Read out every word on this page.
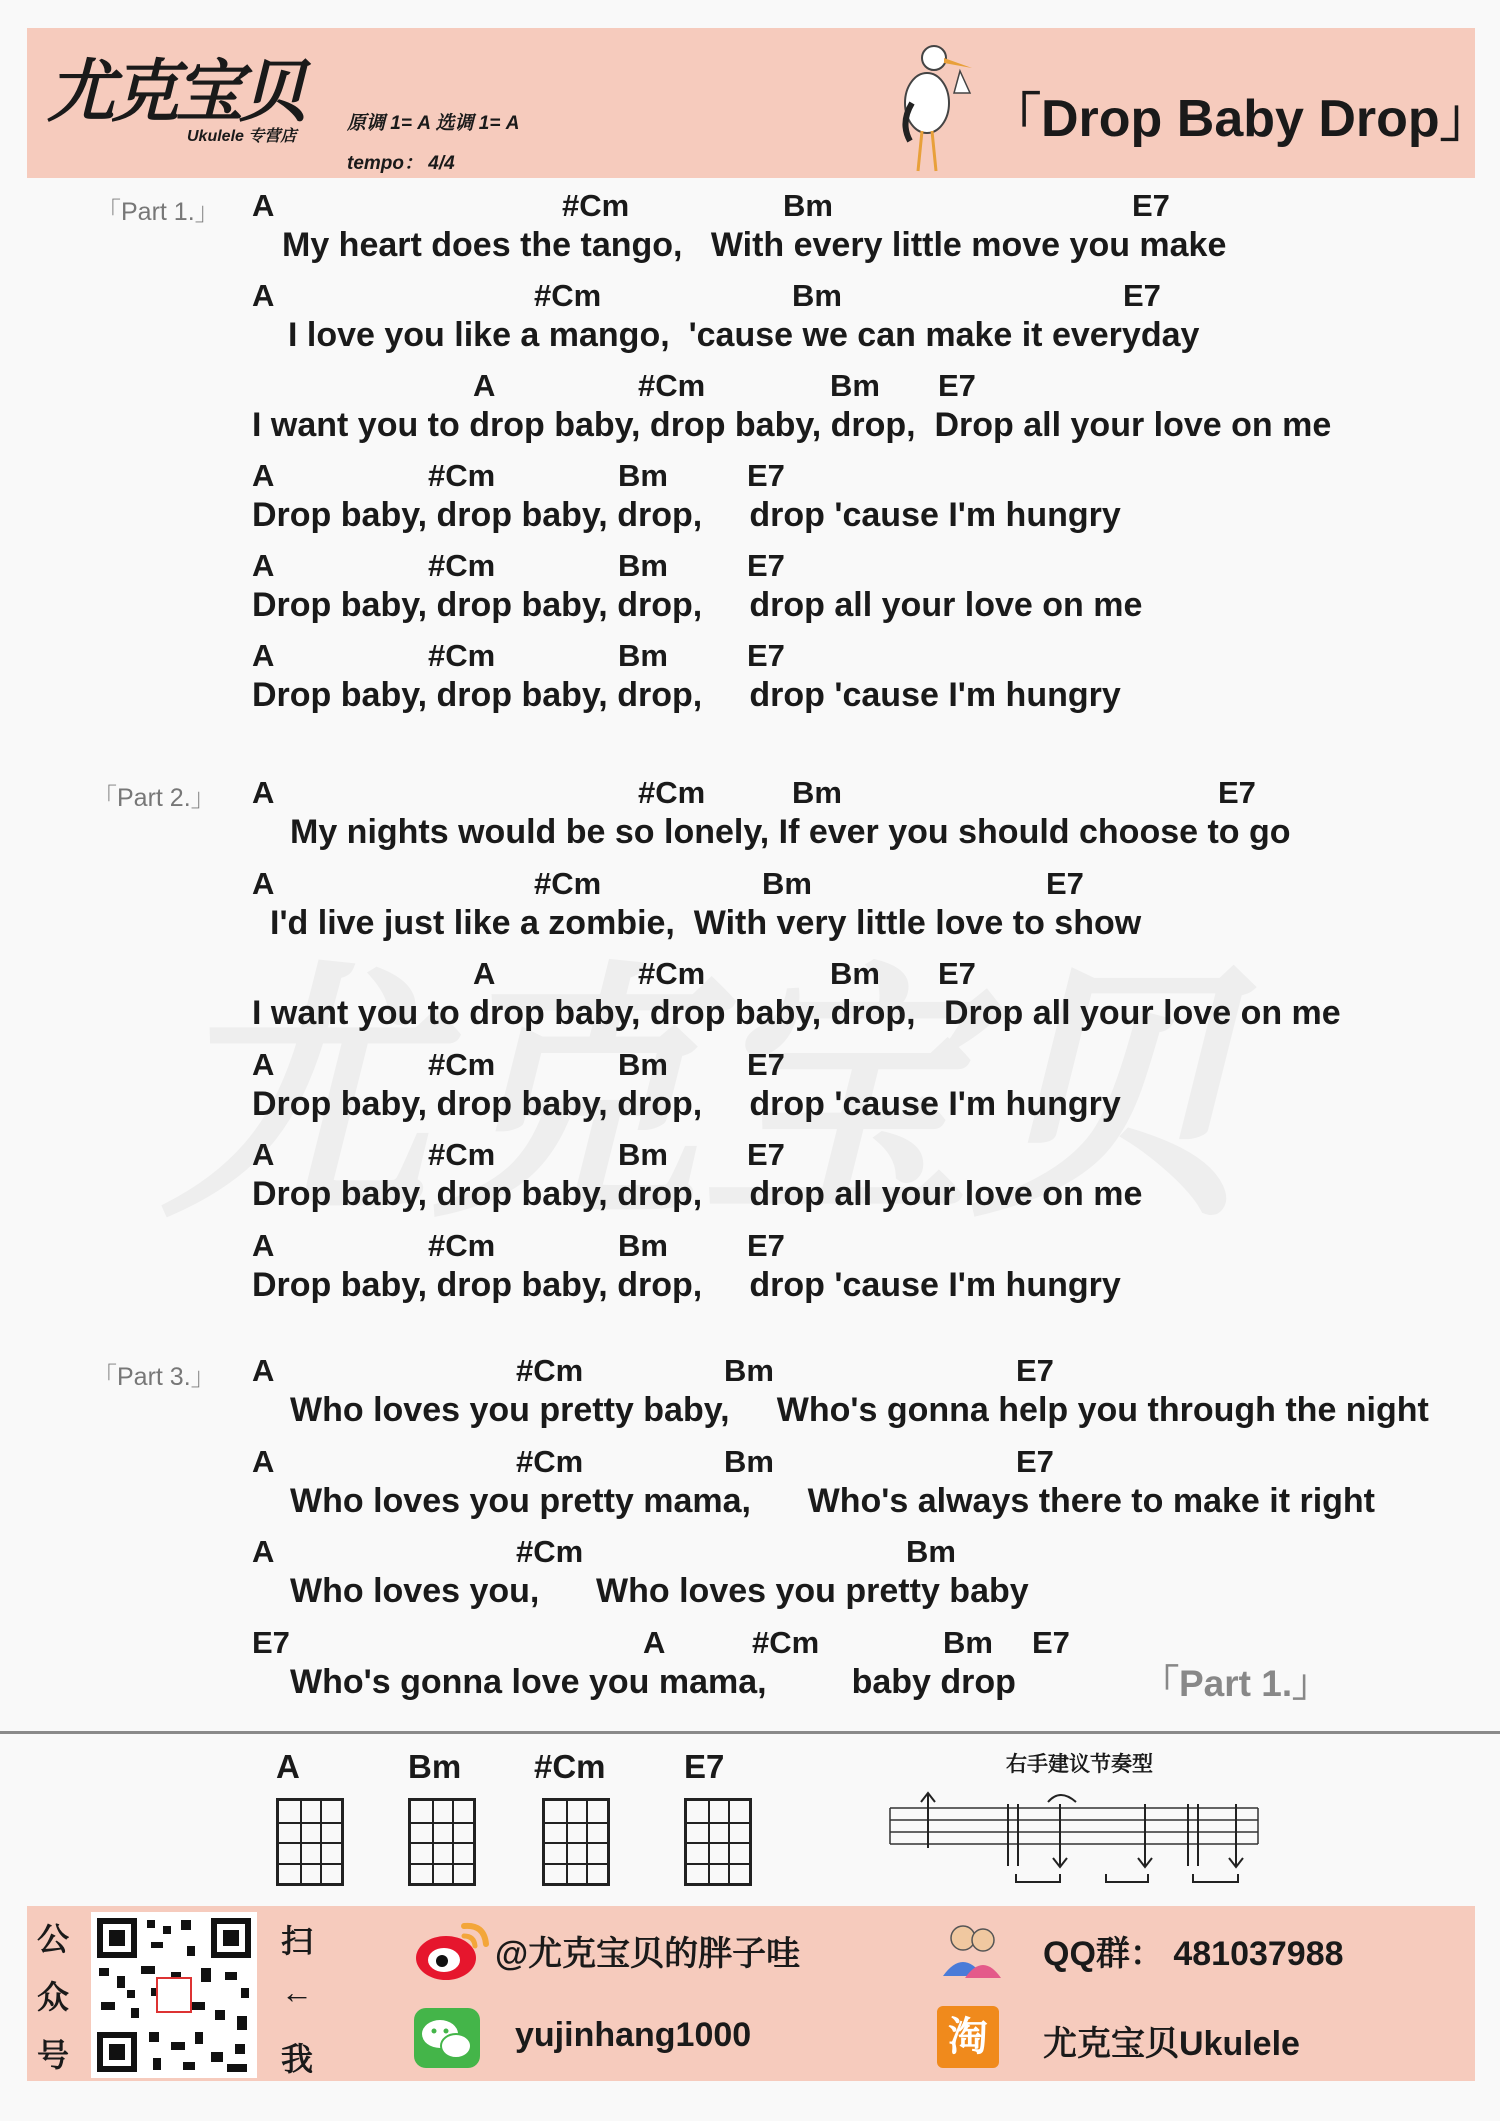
尤克宝贝
Ukulele 专营店
原调 1= A 选调 1= A
tempo： 4/4
「Drop Baby Drop」
「Part 1.」 A	#Cm	Bm	E7
My heart does the tango,   With every little move you make
A	#Cm	Bm	E7
I love you like a mango,  'cause we can make it everyday
A	#Cm	Bm E7
I want you to drop baby, drop baby, drop,  Drop all your love on me
A	#Cm	Bm	E7
Drop baby, drop baby, drop,     drop 'cause I'm hungry
A	#Cm	Bm	E7
Drop baby, drop baby, drop,     drop all your love on me
A	#Cm	Bm	E7
Drop baby, drop baby, drop,     drop 'cause I'm hungry
「Part 2.」 A	#Cm	Bm	E7
My nights would be so lonely, If ever you should choose to go
A	#Cm	Bm	E7
I'd live just like a zombie,  With very little love to show
A	#Cm	Bm E7
I want you to drop baby, drop baby, drop,   Drop all your love on me
A	#Cm	Bm	E7
Drop baby, drop baby, drop,     drop 'cause I'm hungry
A	#Cm	Bm	E7
Drop baby, drop baby, drop,     drop all your love on me
A	#Cm	Bm	E7
Drop baby, drop baby, drop,     drop 'cause I'm hungry
「Part 3.」 A	#Cm	Bm	E7
Who loves you pretty baby,     Who's gonna help you through the night
A	#Cm	Bm	E7
Who loves you pretty mama,      Who's always there to make it right
A	#Cm	Bm
Who loves you,      Who loves you pretty baby
E7	A	#Cm	Bm E7
Who's gonna love you mama,         baby drop	「Part 1.」
A	Bm #Cm E7	右手建议节奏型
公
众
号
扫
←
我
@尤克宝贝的胖子哇
yujinhang1000
QQ群： 481037988
淘	尤克宝贝Ukulele
